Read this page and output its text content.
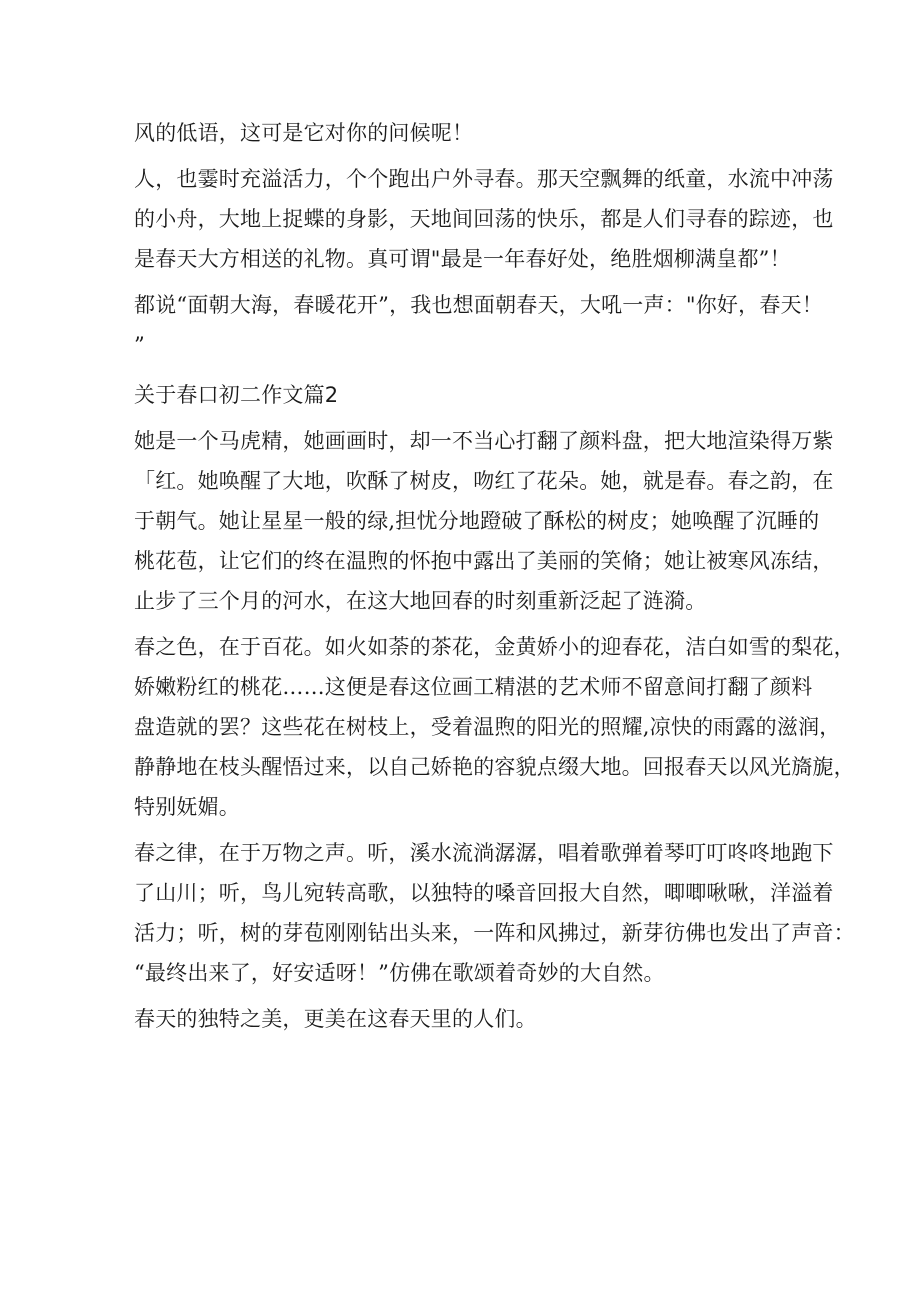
风的低语，这可是它对你的问候呢！
人，也霎时充溢活力，个个跑出户外寻春。那天空飘舞的纸童，水流中冲荡
的小舟，大地上捉蝶的身影，天地间回荡的快乐，都是人们寻春的踪迹，也
是春天大方相送的礼物。真可谓"最是一年春好处，绝胜烟柳满皇都”！
都说“面朝大海，春暖花开”，我也想面朝春天，大吼一声："你好，春天！
”
关于春口初二作文篇2
她是一个马虎精，她画画时，却一不当心打翻了颜料盘，把大地渲染得万紫
「红。她唤醒了大地，吹酥了树皮，吻红了花朵。她，就是春。春之韵，在
于朝气。她让星星一般的绿,担忧分地蹬破了酥松的树皮；她唤醒了沉睡的
桃花苞，让它们的终在温煦的怀抱中露出了美丽的笑脩；她让被寒风冻结，
止步了三个月的河水，在这大地回春的时刻重新泛起了涟漪。
春之色，在于百花。如火如荼的茶花，金黄娇小的迎春花，洁白如雪的梨花，
娇嫩粉红的桃花……这便是春这位画工精湛的艺术师不留意间打翻了颜料
盘造就的罢？这些花在树枝上，受着温煦的阳光的照耀,凉快的雨露的滋润，
静静地在枝头醒悟过来，以自己娇艳的容貌点缀大地。回报春天以风光旖旎，
特别妩媚。
春之律，在于万物之声。听，溪水流淌潺潺，唱着歌弹着琴叮叮咚咚地跑下
了山川；听，鸟儿宛转高歌，以独特的嗓音回报大自然，唧唧啾啾，洋溢着
活力；听，树的芽苞刚刚钻出头来，一阵和风拂过，新芽彷佛也发出了声音：
“最终出来了，好安适呀！”仿佛在歌颂着奇妙的大自然。
春天的独特之美，更美在这春天里的人们。
